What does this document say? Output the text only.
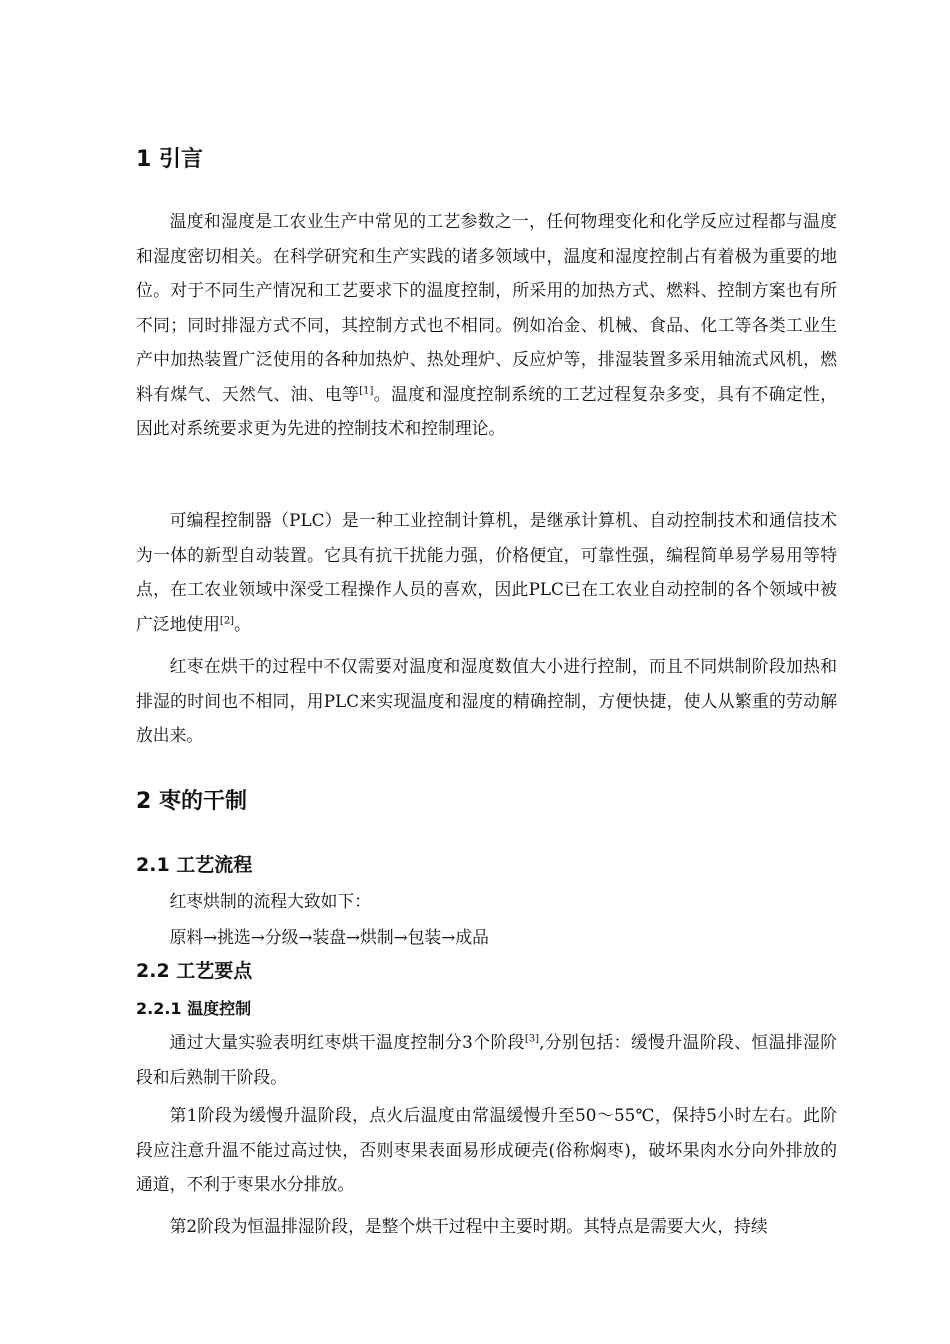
1 引言

温度和湿度是工农业生产中常见的工艺参数之一，任何物理变化和化学反应过程都与温度和湿度密切相关。在科学研究和生产实践的诸多领域中，温度和湿度控制占有着极为重要的地位。对于不同生产情况和工艺要求下的温度控制，所采用的加热方式、燃料、控制方案也有所不同；同时排湿方式不同，其控制方式也不相同。例如冶金、机械、食品、化工等各类工业生产中加热装置广泛使用的各种加热炉、热处理炉、反应炉等，排湿装置多采用轴流式风机，燃料有煤气、天然气、油、电等[1]。温度和湿度控制系统的工艺过程复杂多变，具有不确定性，因此对系统要求更为先进的控制技术和控制理论。

可编程控制器（PLC）是一种工业控制计算机，是继承计算机、自动控制技术和通信技术为一体的新型自动装置。它具有抗干扰能力强，价格便宜，可靠性强，编程简单易学易用等特点，在工农业领域中深受工程操作人员的喜欢，因此PLC已在工农业自动控制的各个领域中被广泛地使用[2]。

红枣在烘干的过程中不仅需要对温度和湿度数值大小进行控制，而且不同烘制阶段加热和排湿的时间也不相同，用PLC来实现温度和湿度的精确控制，方便快捷，使人从繁重的劳动解放出来。

2 枣的干制
2.1 工艺流程

红枣烘制的流程大致如下：

原料→挑选→分级→装盘→烘制→包装→成品

2.2 工艺要点
2.2.1 温度控制

通过大量实验表明红枣烘干温度控制分3个阶段[3],分别包括：缓慢升温阶段、恒温排湿阶段和后熟制干阶段。

第1阶段为缓慢升温阶段，点火后温度由常温缓慢升至50～55℃，保持5小时左右。此阶段应注意升温不能过高过快，否则枣果表面易形成硬壳(俗称焖枣)，破坏果肉水分向外排放的通道，不利于枣果水分排放。

第2阶段为恒温排湿阶段，是整个烘干过程中主要时期。其特点是需要大火，持续
